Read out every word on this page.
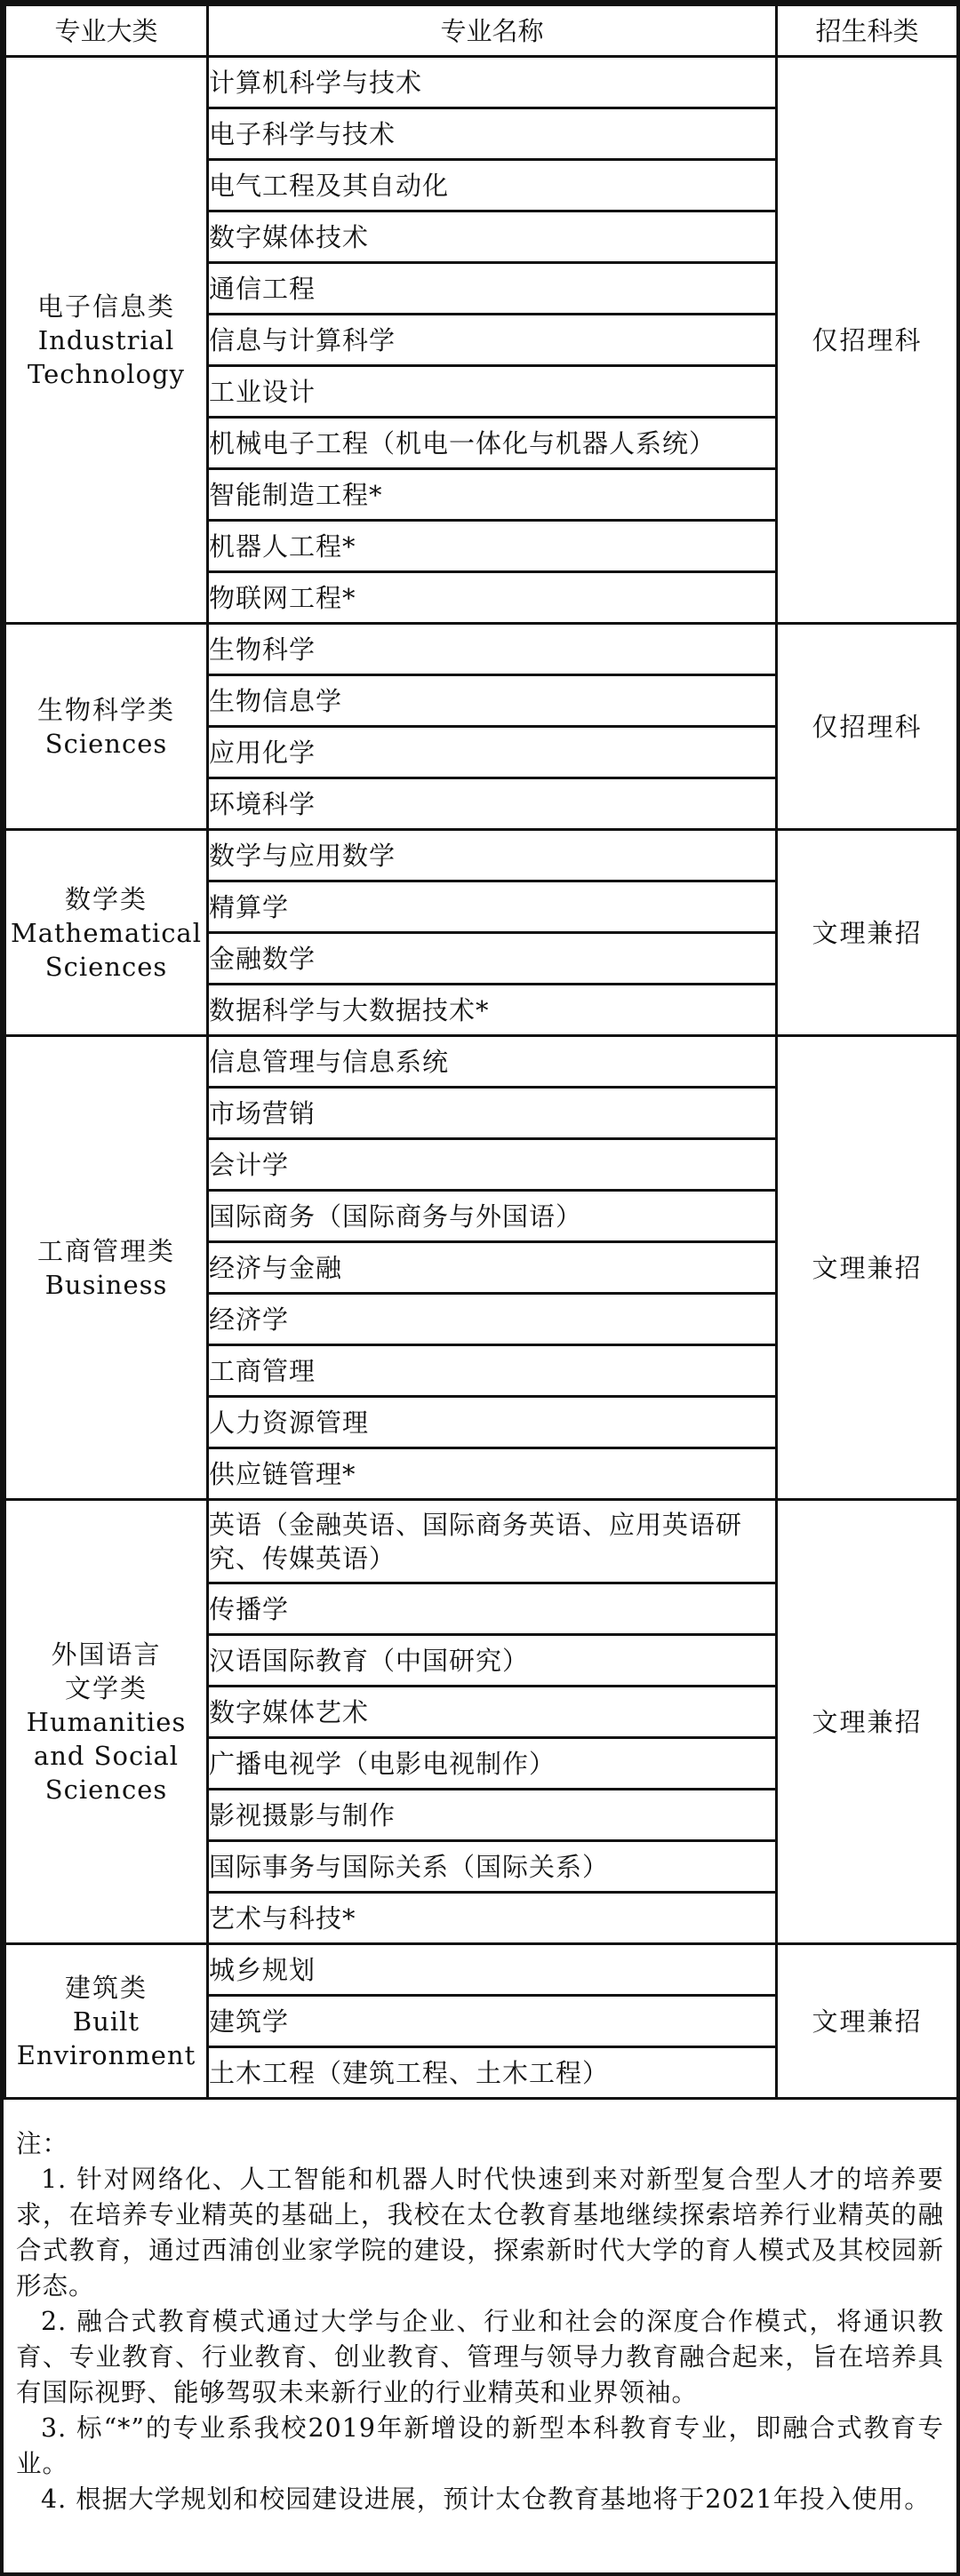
专业大类	专业名称	招生科类

电子信息类
Industrial
Technology	计算机科学与技术	仅招理科
	电子科学与技术	
	电气工程及其自动化	
	数字媒体技术	
	通信工程	
	信息与计算科学	
	工业设计	
	机械电子工程（机电一体化与机器人系统）	
	智能制造工程*	
	机器人工程*	
	物联网工程*	

生物科学类
Sciences	生物科学	仅招理科
	生物信息学	
	应用化学	
	环境科学	

数学类
Mathematical
Sciences	数学与应用数学	文理兼招
	精算学	
	金融数学	
	数据科学与大数据技术*	

工商管理类
Business	信息管理与信息系统	文理兼招
	市场营销	
	会计学	
	国际商务（国际商务与外国语）	
	经济与金融	
	经济学	
	工商管理	
	人力资源管理	
	供应链管理*	

外国语言
文学类
Humanities
and Social
Sciences	英语（金融英语、国际商务英语、应用英语研究、传媒英语）	文理兼招
	传播学	
	汉语国际教育（中国研究）	
	数字媒体艺术	
	广播电视学（电影电视制作）	
	影视摄影与制作	
	国际事务与国际关系（国际关系）	
	艺术与科技*	

建筑类
Built
Environment	城乡规划	文理兼招
	建筑学	
	土木工程（建筑工程、土木工程）	

注：

1. 针对网络化、人工智能和机器人时代快速到来对新型复合型人才的培养要求，在培养专业精英的基础上，我校在太仓教育基地继续探索培养行业精英的融合式教育，通过西浦创业家学院的建设，探索新时代大学的育人模式及其校园新形态。

2. 融合式教育模式通过大学与企业、行业和社会的深度合作模式，将通识教育、专业教育、行业教育、创业教育、管理与领导力教育融合起来，旨在培养具有国际视野、能够驾驭未来新行业的行业精英和业界领袖。

3. 标“*”的专业系我校2019年新增设的新型本科教育专业，即融合式教育专业。

4. 根据大学规划和校园建设进展，预计太仓教育基地将于2021年投入使用。
